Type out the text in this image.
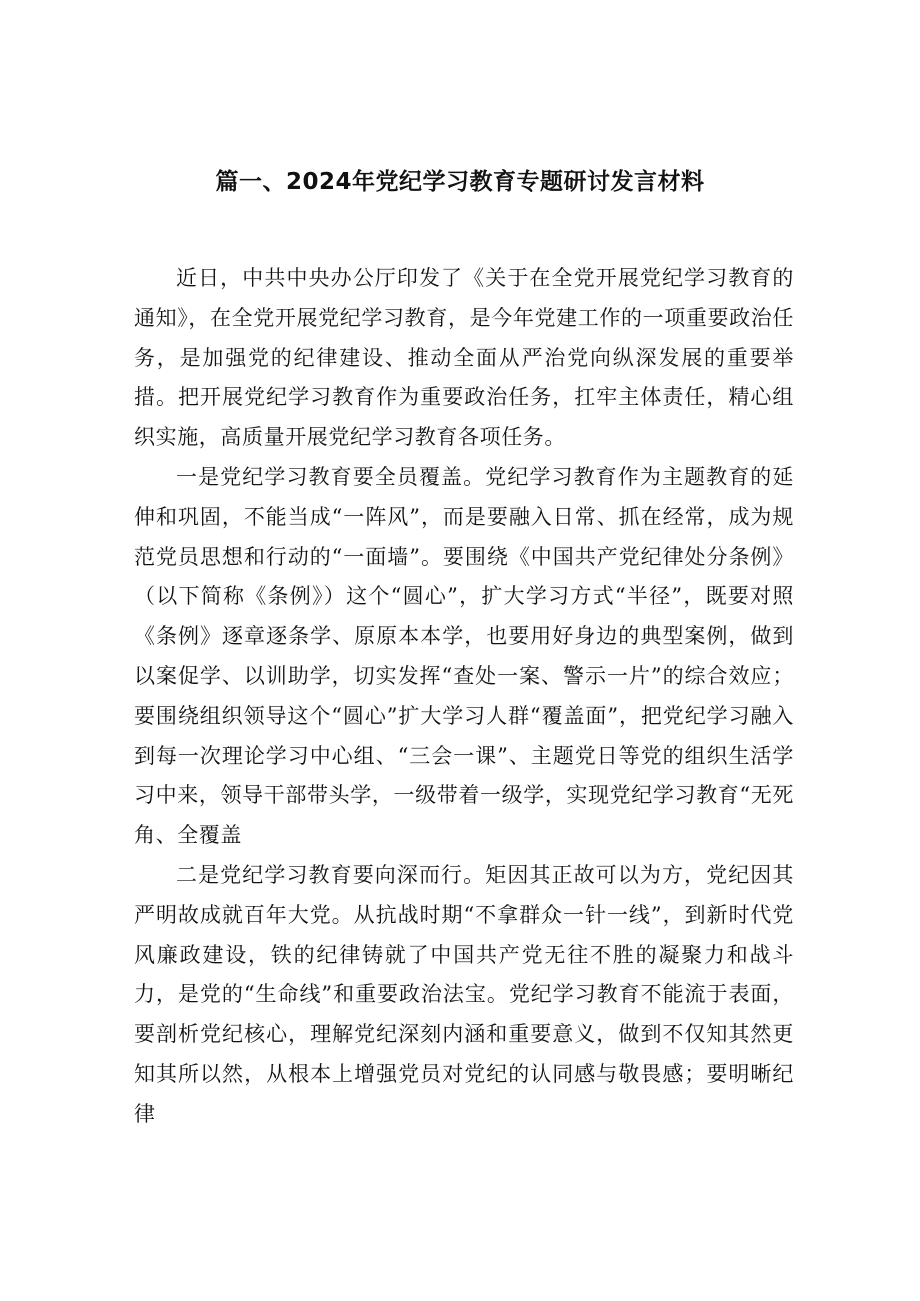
篇一、2024年党纪学习教育专题研讨发言材料

近日，中共中央办公厅印发了《关于在全党开展党纪学习教育的通知》，在全党开展党纪学习教育，是今年党建工作的一项重要政治任务，是加强党的纪律建设、推动全面从严治党向纵深发展的重要举措。把开展党纪学习教育作为重要政治任务，扛牢主体责任，精心组织实施，高质量开展党纪学习教育各项任务。

一是党纪学习教育要全员覆盖。党纪学习教育作为主题教育的延伸和巩固，不能当成“一阵风”，而是要融入日常、抓在经常，成为规范党员思想和行动的“一面墙”。要围绕《中国共产党纪律处分条例》（以下简称《条例》）这个“圆心”，扩大学习方式“半径”，既要对照《条例》逐章逐条学、原原本本学，也要用好身边的典型案例，做到以案促学、以训助学，切实发挥“查处一案、警示一片”的综合效应；要围绕组织领导这个“圆心”扩大学习人群“覆盖面”，把党纪学习融入到每一次理论学习中心组、“三会一课”、主题党日等党的组织生活学习中来，领导干部带头学，一级带着一级学，实现党纪学习教育“无死角、全覆盖

二是党纪学习教育要向深而行。矩因其正故可以为方，党纪因其严明故成就百年大党。从抗战时期“不拿群众一针一线”，到新时代党风廉政建设，铁的纪律铸就了中国共产党无往不胜的凝聚力和战斗力，是党的“生命线”和重要政治法宝。党纪学习教育不能流于表面，要剖析党纪核心，理解党纪深刻内涵和重要意义，做到不仅知其然更知其所以然，从根本上增强党员对党纪的认同感与敬畏感；要明晰纪律
